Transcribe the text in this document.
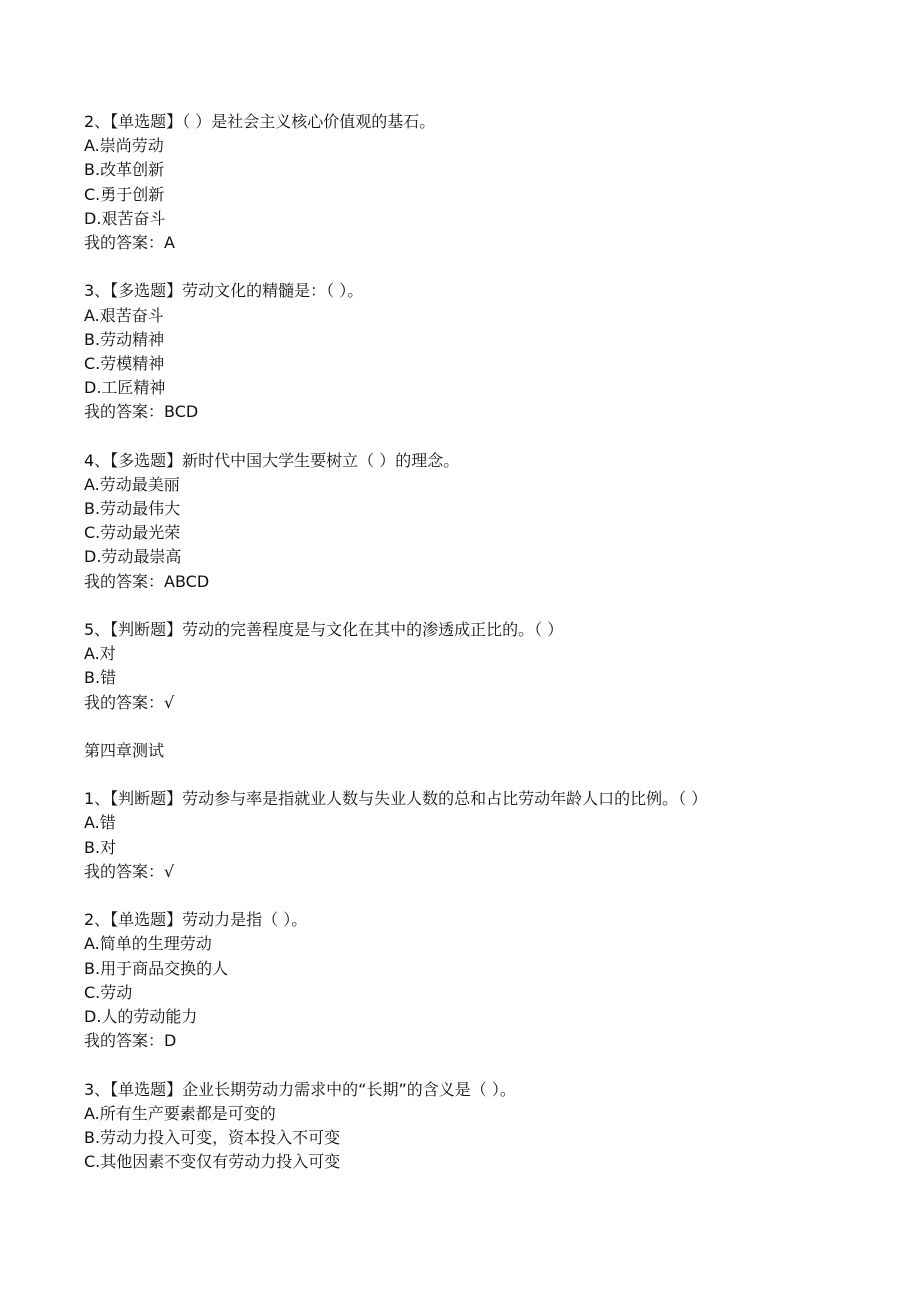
2、【单选题】（ ）是社会主义核心价值观的基石。
A.崇尚劳动
B.改革创新
C.勇于创新
D.艰苦奋斗
我的答案：A
3、【多选题】劳动文化的精髓是：（ ）。
A.艰苦奋斗
B.劳动精神
C.劳模精神
D.工匠精神
我的答案：BCD
4、【多选题】新时代中国大学生要树立（ ）的理念。
A.劳动最美丽
B.劳动最伟大
C.劳动最光荣
D.劳动最崇高
我的答案：ABCD
5、【判断题】劳动的完善程度是与文化在其中的渗透成正比的。（ ）
A.对
B.错
我的答案：√
第四章测试
1、【判断题】劳动参与率是指就业人数与失业人数的总和占比劳动年龄人口的比例。（ ）
A.错
B.对
我的答案：√
2、【单选题】劳动力是指（ ）。
A.简单的生理劳动
B.用于商品交换的人
C.劳动
D.人的劳动能力
我的答案：D
3、【单选题】企业长期劳动力需求中的“长期”的含义是（ ）。
A.所有生产要素都是可变的
B.劳动力投入可变，资本投入不可变
C.其他因素不变仅有劳动力投入可变
